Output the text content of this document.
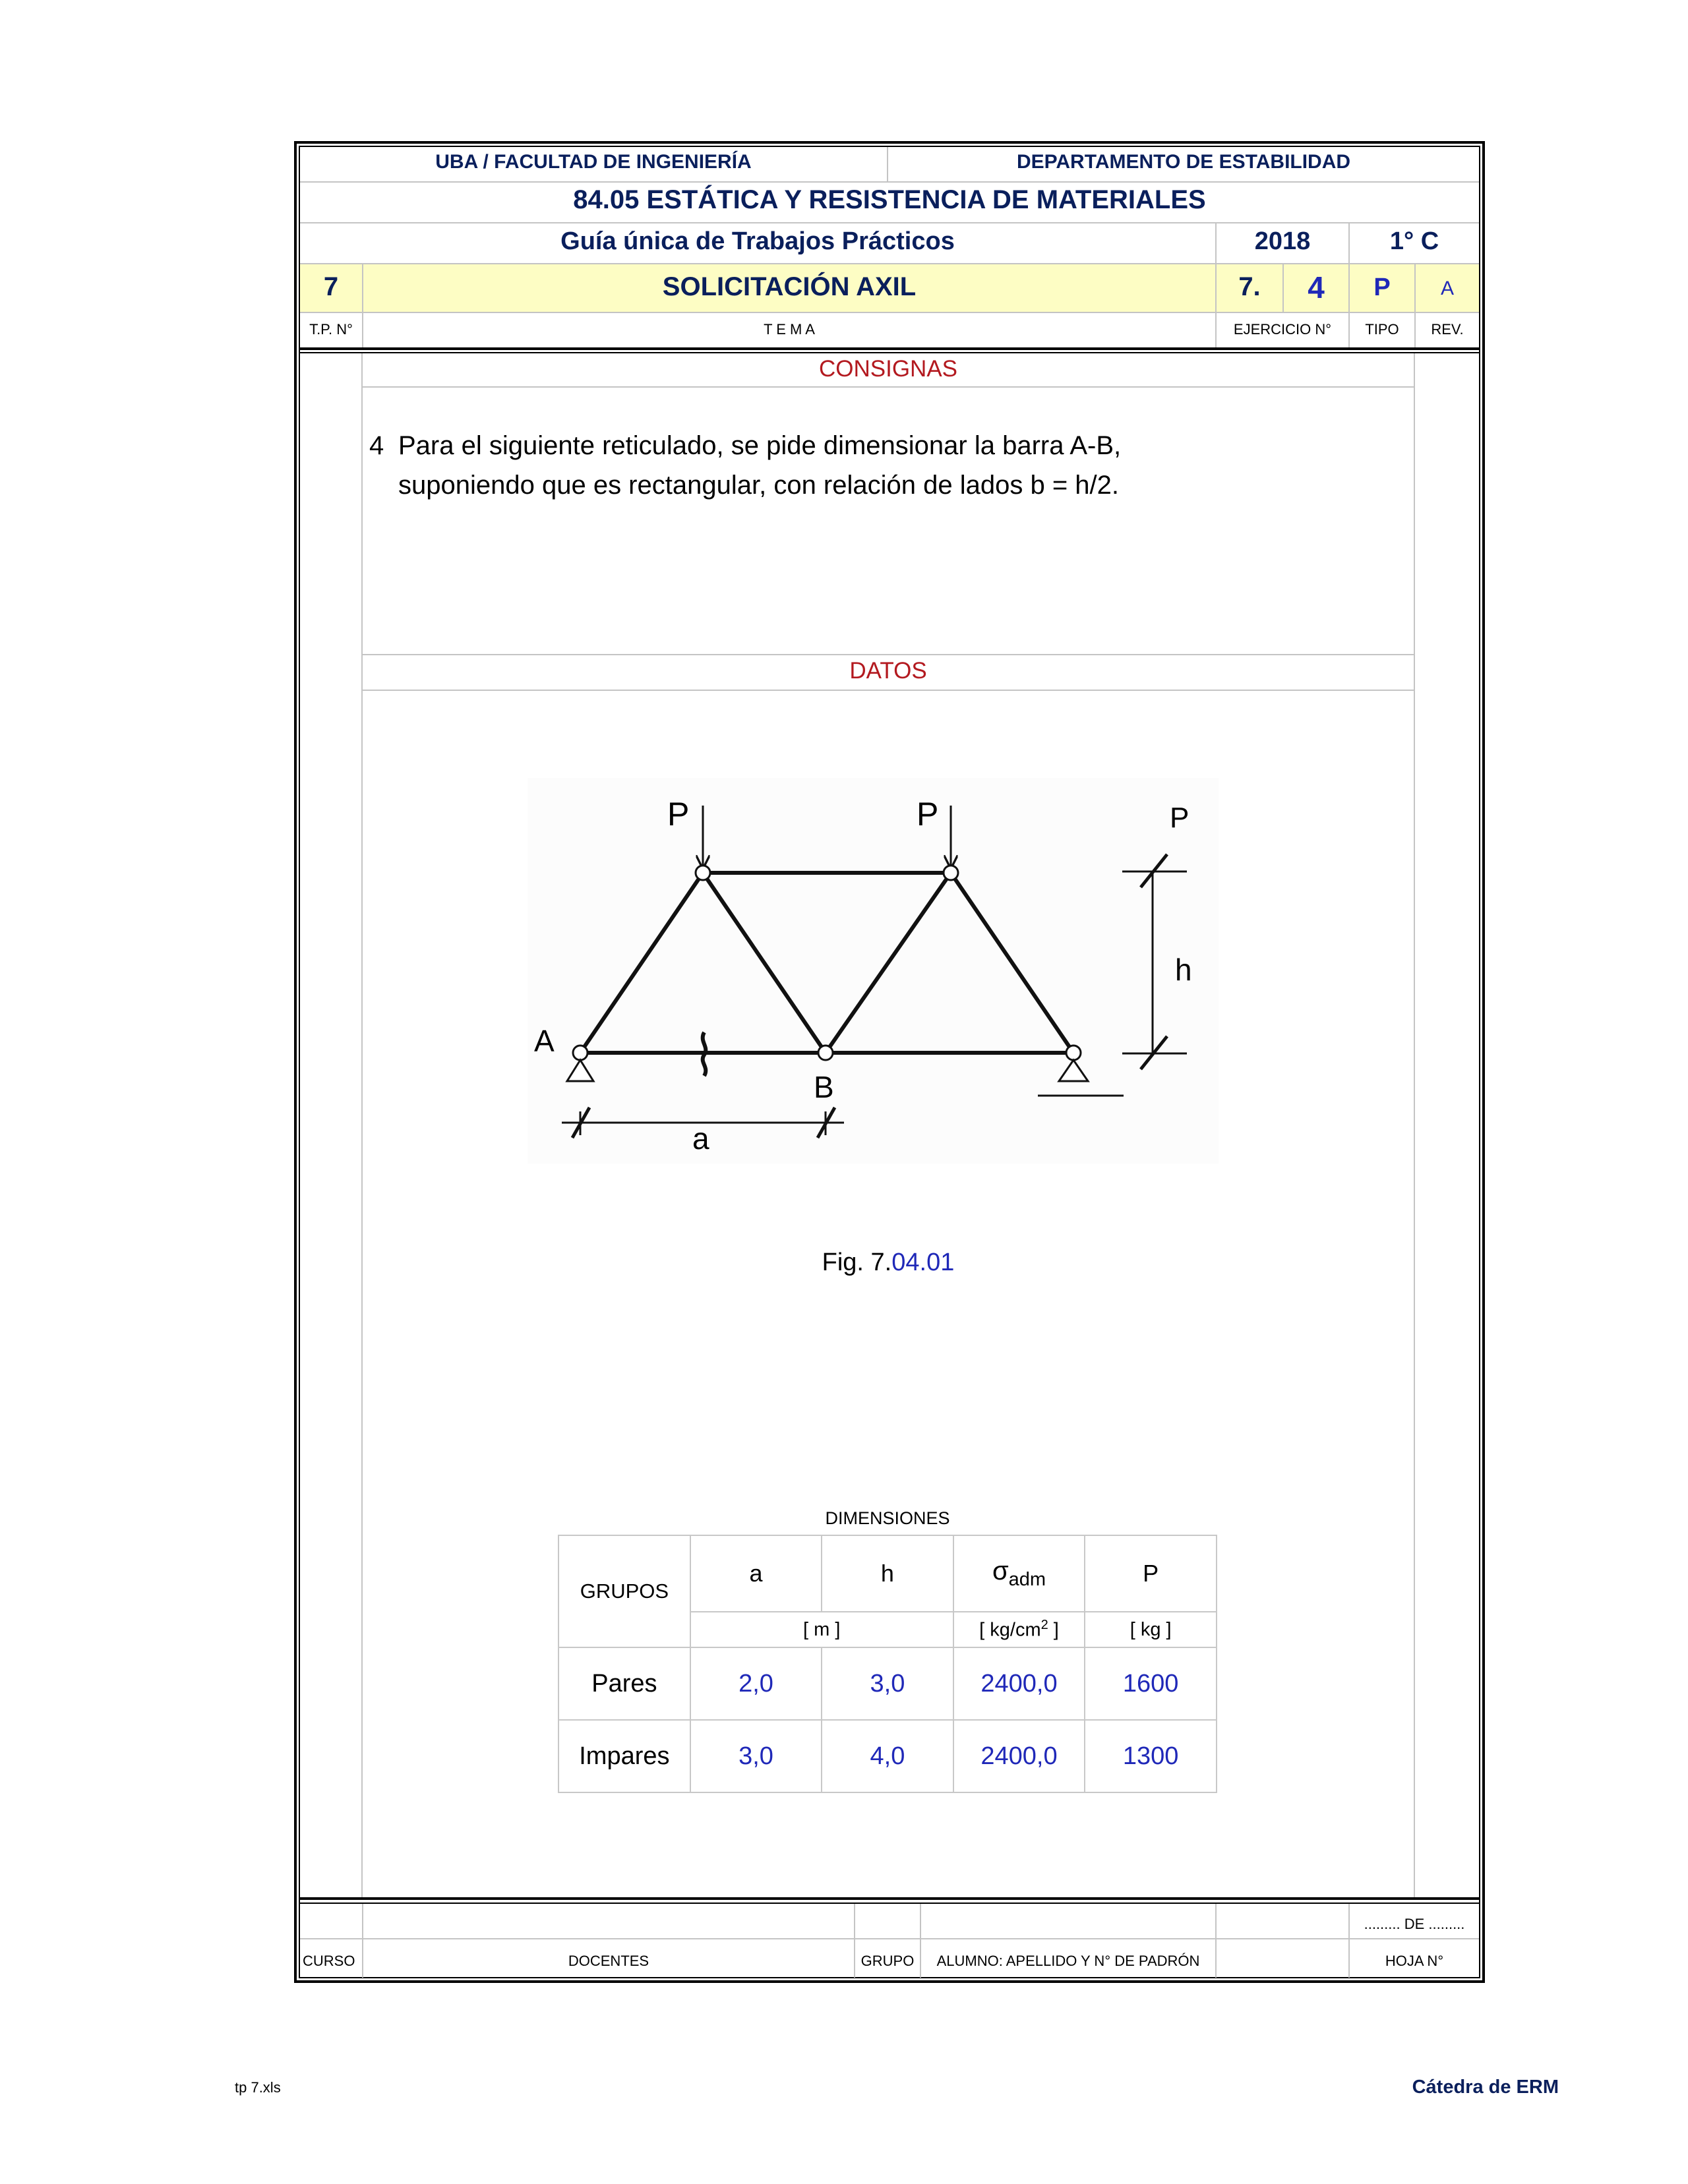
UBA / FACULTAD DE INGENIERÍA	DEPARTAMENTO DE ESTABILIDAD
84.05 ESTÁTICA Y RESISTENCIA DE MATERIALES
Guía única de Trabajos Prácticos	2018	1° C
7	SOLICITACIÓN AXIL	7.	4	P	A
T.P. N°	T E M A	EJERCICIO N°	TIPO	REV.
CONSIGNAS
4 Para el siguiente reticulado, se pide dimensionar la barra A-B,
suponiendo que es rectangular, con relación de lados b = h/2.
DATOS
P	P	P
h
A
B
a
Fig. 7.04.01
DIMENSIONES
GRUPOS	a	h	$\sigma_{adm}$	P
	[ m ]		[ $kg/cm^2$ ]	[ kg ]
Pares	2,0	3,0	2400,0	1600
Impares	3,0	4,0	2400,0	1300
......... DE .........
CURSO	DOCENTES	GRUPO	ALUMNO: APELLIDO Y N° DE PADRÓN	HOJA N°
tp 7.xls	Cátedra de ERM
